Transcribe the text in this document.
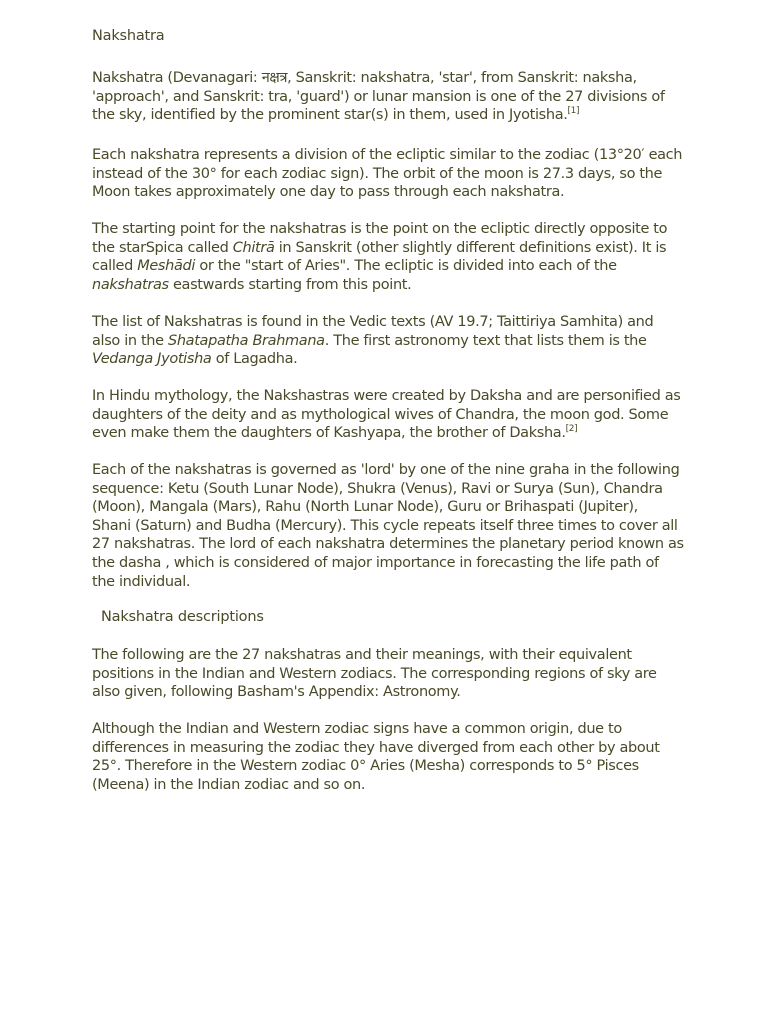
Nakshatra

Nakshatra (Devanagari: नक्षत्र, Sanskrit: nakshatra, 'star', from Sanskrit: naksha,
'approach', and Sanskrit: tra, 'guard') or lunar mansion is one of the 27 divisions of
the sky, identified by the prominent star(s) in them, used in Jyotisha.[1]

Each nakshatra represents a division of the ecliptic similar to the zodiac (13°20′ each
instead of the 30° for each zodiac sign). The orbit of the moon is 27.3 days, so the
Moon takes approximately one day to pass through each nakshatra.

The starting point for the nakshatras is the point on the ecliptic directly opposite to
the starSpica called Chitrā in Sanskrit (other slightly different definitions exist). It is
called Meshādi or the "start of Aries". The ecliptic is divided into each of the
nakshatras eastwards starting from this point.

The list of Nakshatras is found in the Vedic texts (AV 19.7; Taittiriya Samhita) and
also in the Shatapatha Brahmana. The first astronomy text that lists them is the
Vedanga Jyotisha of Lagadha.

In Hindu mythology, the Nakshastras were created by Daksha and are personified as
daughters of the deity and as mythological wives of Chandra, the moon god. Some
even make them the daughters of Kashyapa, the brother of Daksha.[2]

Each of the nakshatras is governed as 'lord' by one of the nine graha in the following
sequence: Ketu (South Lunar Node), Shukra (Venus), Ravi or Surya (Sun), Chandra
(Moon), Mangala (Mars), Rahu (North Lunar Node), Guru or Brihaspati (Jupiter),
Shani (Saturn) and Budha (Mercury). This cycle repeats itself three times to cover all
27 nakshatras. The lord of each nakshatra determines the planetary period known as
the dasha , which is considered of major importance in forecasting the life path of
the individual.

Nakshatra descriptions

The following are the 27 nakshatras and their meanings, with their equivalent
positions in the Indian and Western zodiacs. The corresponding regions of sky are
also given, following Basham's Appendix: Astronomy.

Although the Indian and Western zodiac signs have a common origin, due to
differences in measuring the zodiac they have diverged from each other by about
25°. Therefore in the Western zodiac 0° Aries (Mesha) corresponds to 5° Pisces
(Meena) in the Indian zodiac and so on.
